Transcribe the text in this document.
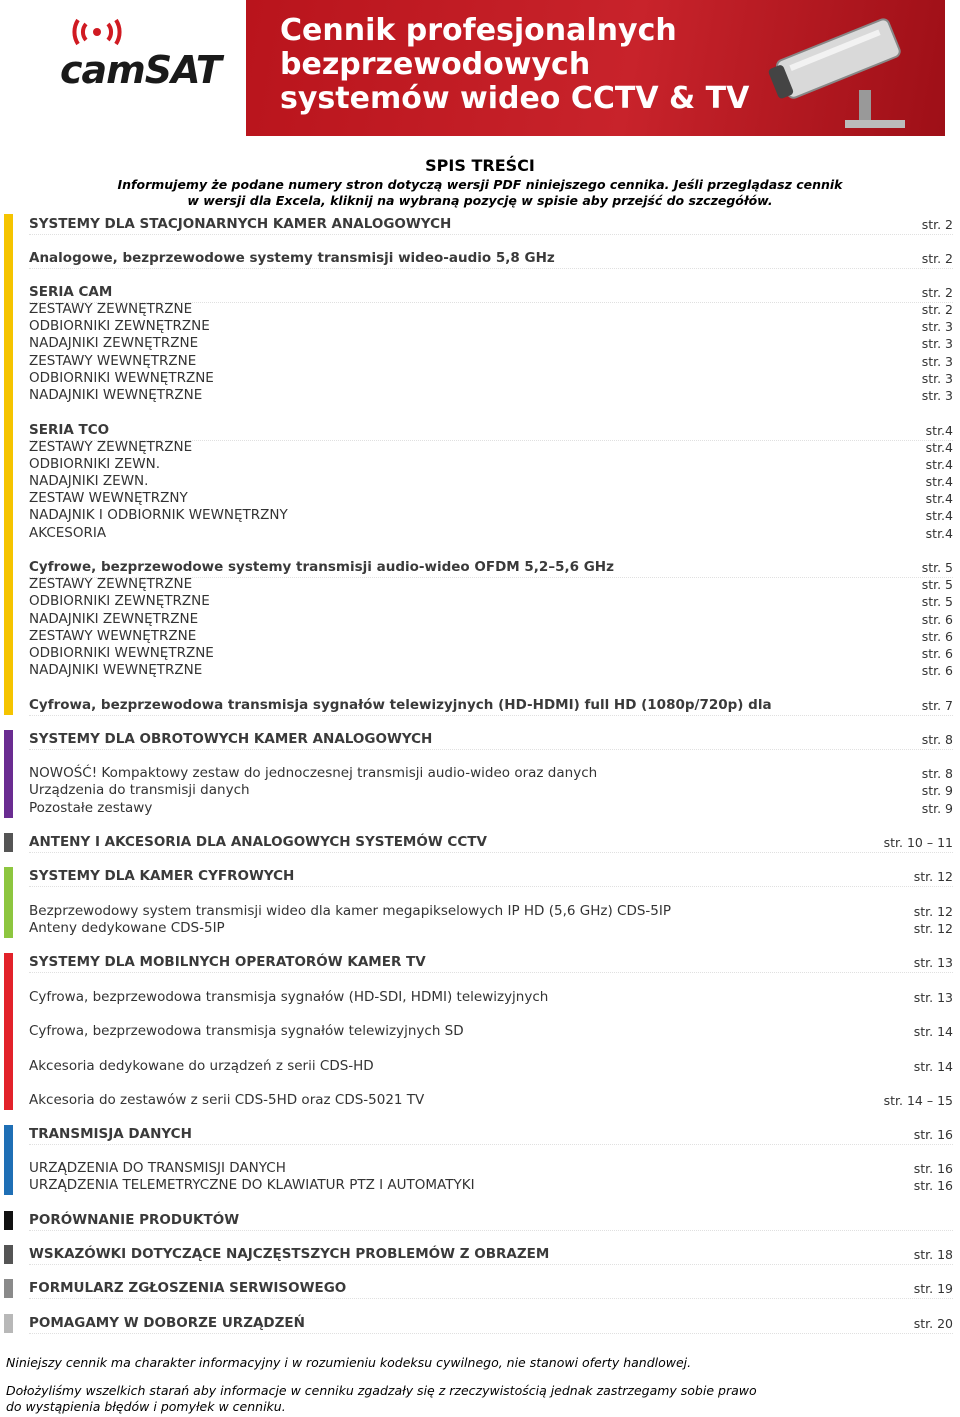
camSAT
Cennik profesjonalnych
bezprzewodowych
systemów wideo CCTV & TV
SPIS TREŚCI
Informujemy że podane numery stron dotyczą wersji PDF niniejszego cennika. Jeśli przeglądasz cennik
w wersji dla Excela, kliknij na wybraną pozycję w spisie aby przejść do szczegółów.
SYSTEMY DLA STACJONARNYCH KAMER ANALOGOWYCH	str. 2
Analogowe, bezprzewodowe systemy transmisji wideo-audio 5,8 GHz	str. 2
SERIA CAM	str. 2
ZESTAWY ZEWNĘTRZNE	str. 2
ODBIORNIKI ZEWNĘTRZNE	str. 3
NADAJNIKI ZEWNĘTRZNE	str. 3
ZESTAWY WEWNĘTRZNE	str. 3
ODBIORNIKI WEWNĘTRZNE	str. 3
NADAJNIKI WEWNĘTRZNE	str. 3
SERIA TCO	str.4
ZESTAWY ZEWNĘTRZNE	str.4
ODBIORNIKI ZEWN.	str.4
NADAJNIKI ZEWN.	str.4
ZESTAW WEWNĘTRZNY	str.4
NADAJNIK I ODBIORNIK WEWNĘTRZNY	str.4
AKCESORIA	str.4
Cyfrowe, bezprzewodowe systemy transmisji audio-wideo OFDM 5,2–5,6 GHz	str. 5
ZESTAWY ZEWNĘTRZNE	str. 5
ODBIORNIKI ZEWNĘTRZNE	str. 5
NADAJNIKI ZEWNĘTRZNE	str. 6
ZESTAWY WEWNĘTRZNE	str. 6
ODBIORNIKI WEWNĘTRZNE	str. 6
NADAJNIKI WEWNĘTRZNE	str. 6
Cyfrowa, bezprzewodowa transmisja sygnałów telewizyjnych (HD-HDMI) full HD (1080p/720p) dla	str. 7
SYSTEMY DLA OBROTOWYCH KAMER ANALOGOWYCH	str. 8
NOWOŚĆ! Kompaktowy zestaw do jednoczesnej transmisji audio-wideo oraz danych	str. 8
Urządzenia do transmisji danych	str. 9
Pozostałe zestawy	str. 9
ANTENY I AKCESORIA DLA ANALOGOWYCH SYSTEMÓW CCTV	str. 10 – 11
SYSTEMY DLA KAMER CYFROWYCH	str. 12
Bezprzewodowy system transmisji wideo dla kamer megapikselowych IP HD (5,6 GHz) CDS-5IP	str. 12
Anteny dedykowane CDS-5IP	str. 12
SYSTEMY DLA MOBILNYCH OPERATORÓW KAMER TV	str. 13
Cyfrowa, bezprzewodowa transmisja sygnałów (HD-SDI, HDMI) telewizyjnych	str. 13
Cyfrowa, bezprzewodowa transmisja sygnałów telewizyjnych SD	str. 14
Akcesoria dedykowane do urządzeń z serii CDS-HD	str. 14
Akcesoria do zestawów z serii CDS-5HD oraz CDS-5021 TV	str. 14 – 15
TRANSMISJA DANYCH	str. 16
URZĄDZENIA DO TRANSMISJI DANYCH	str. 16
URZĄDZENIA TELEMETRYCZNE DO KLAWIATUR PTZ I AUTOMATYKI	str. 16
PORÓWNANIE PRODUKTÓW
WSKAZÓWKI DOTYCZĄCE NAJCZĘSTSZYCH PROBLEMÓW Z OBRAZEM	str. 18
FORMULARZ ZGŁOSZENIA SERWISOWEGO	str. 19
POMAGAMY W DOBORZE URZĄDZEŃ	str. 20
Niniejszy cennik ma charakter informacyjny i w rozumieniu kodeksu cywilnego, nie stanowi oferty handlowej.
Dołożyliśmy wszelkich starań aby informacje w cenniku zgadzały się z rzeczywistością jednak zastrzegamy sobie prawo
do wystąpienia błędów i pomyłek w cenniku.
